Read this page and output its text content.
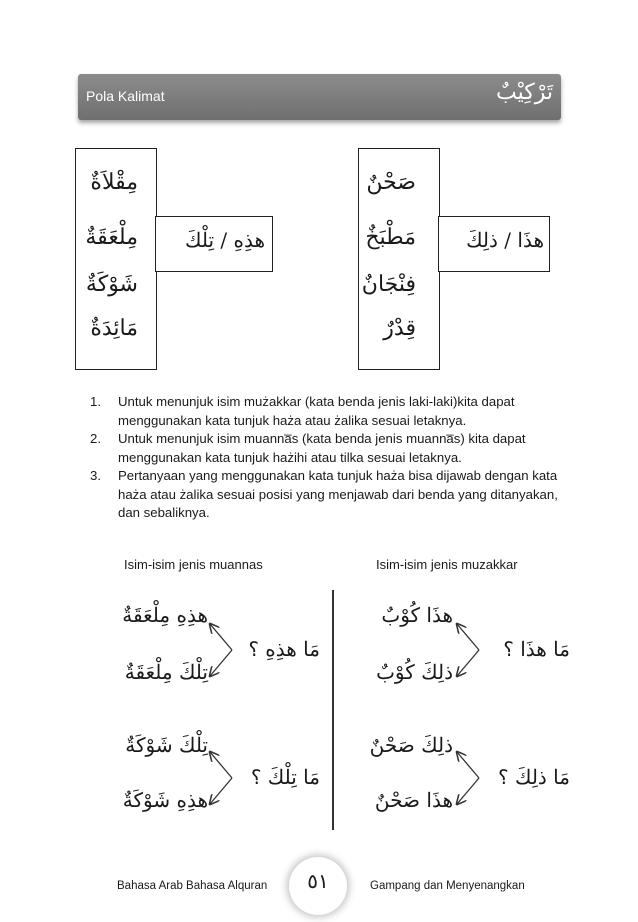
Pola Kalimat	تَرْكِيْبٌ
هذِهِ / تِلْكَ
مِقْلاَةٌ
مِلْعَقَةٌ
شَوْكَةٌ
مَائِدَةٌ
هذَا / ذلِكَ
صَحْنٌ
مَطْبَخٌ
فِنْجَانٌ
قِدْرٌ
1. Untuk menunjuk isim mużakkar (kata benda jenis laki-laki)kita dapat menggunakan kata tunjuk hażа atau żalika sesuai letaknya.
2. Untuk menunjuk isim muanna̅s (kata benda jenis muanna̅s) kita dapat menggunakan kata tunjuk hażihi atau tilka sesuai letaknya.
3. Pertanyaan yang menggunakan kata tunjuk hażа bisa dijawab dengan kata hażа atau żalika sesuai posisi yang menjawab dari benda yang ditanyakan, dan sebaliknya.
Isim-isim jenis muannas	Isim-isim jenis muzakkar
مَا هذِهِ ؟
هذِهِ مِلْعَقَةٌ
تِلْكَ مِلْعَقَةٌ
مَا هذَا ؟
هذَا كُوْبٌ
ذلِكَ كُوْبٌ
مَا تِلْكَ ؟
تِلْكَ شَوْكَةٌ
هذِهِ شَوْكَةٌ
مَا ذلِكَ ؟
ذلِكَ صَحْنٌ
هذَا صَحْنٌ
Bahasa Arab Bahasa Alquran	٥١	Gampang dan Menyenangkan
